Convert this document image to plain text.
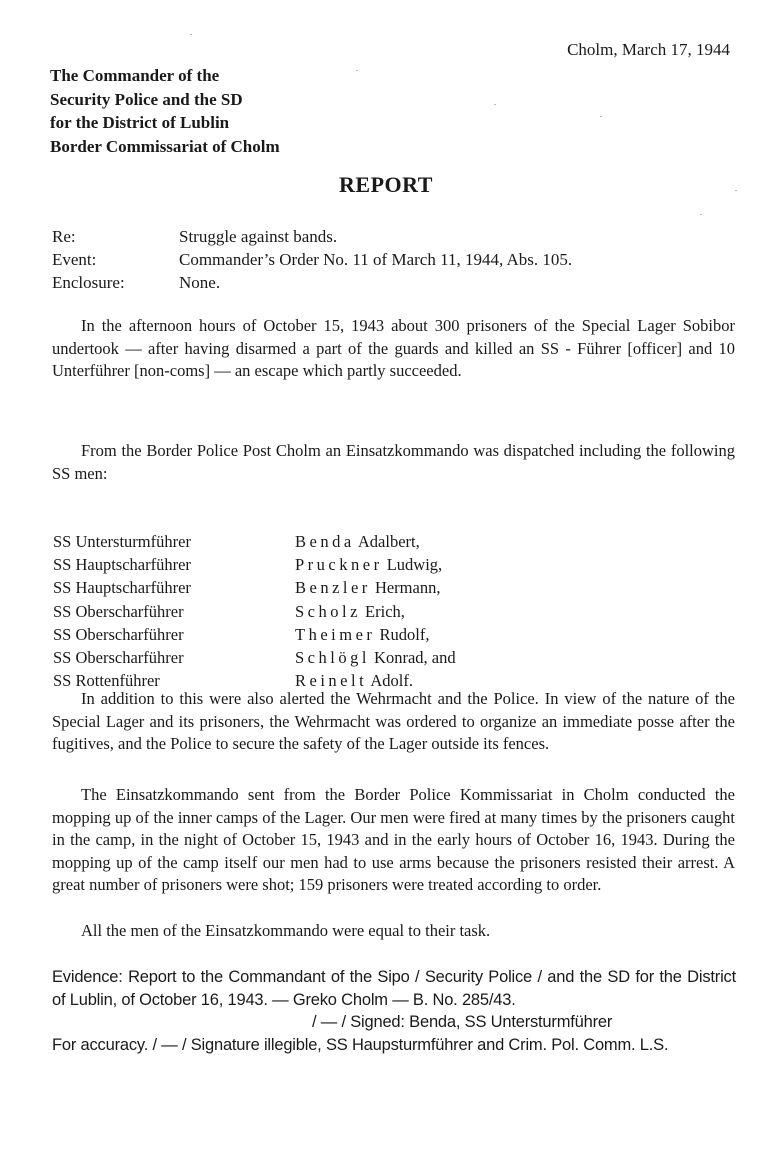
Cholm, March 17, 1944
The Commander of the
Security Police and the SD
for the District of Lublin
Border Commissariat of Cholm
REPORT
Re:	Struggle against bands.
Event:	Commander’s Order No. 11 of March 11, 1944, Abs. 105.
Enclosure:	None.

In the afternoon hours of October 15, 1943 about 300 prisoners of the Special Lager Sobibor undertook — after having disarmed a part of the guards and killed an SS - Führer [officer] and 10 Unterführer [non-coms] — an escape which partly succeeded.

From the Border Police Post Cholm an Einsatzkommando was dispatched including the following SS men:

SS Untersturmführer	Benda Adalbert,
SS Hauptscharführer	Pruckner Ludwig,
SS Hauptscharführer	Benzler Hermann,
SS Oberscharführer	Scholz Erich,
SS Oberscharführer	Theimer Rudolf,
SS Oberscharführer	Schlögl Konrad, and
SS Rottenführer	Reinelt Adolf.

In addition to this were also alerted the Wehrmacht and the Police. In view of the nature of the Special Lager and its prisoners, the Wehrmacht was ordered to organize an immediate posse after the fugitives, and the Police to secure the safety of the Lager outside its fences.

The Einsatzkommando sent from the Border Police Kommissariat in Cholm conducted the mopping up of the inner camps of the Lager. Our men were fired at many times by the prisoners caught in the camp, in the night of October 15, 1943 and in the early hours of October 16, 1943. During the mopping up of the camp itself our men had to use arms because the prisoners resisted their arrest. A great number of prisoners were shot; 159 prisoners were treated according to order.

All the men of the Einsatzkommando were equal to their task.

Evidence: Report to the Commandant of the Sipo / Security Police / and the SD for the District of Lublin, of October 16, 1943. — Greko Cholm — B. No. 285/43.
/ — / Signed: Benda, SS Untersturmführer
For accuracy. / — / Signature illegible, SS Haupsturmführer and Crim. Pol. Comm. L.S.
